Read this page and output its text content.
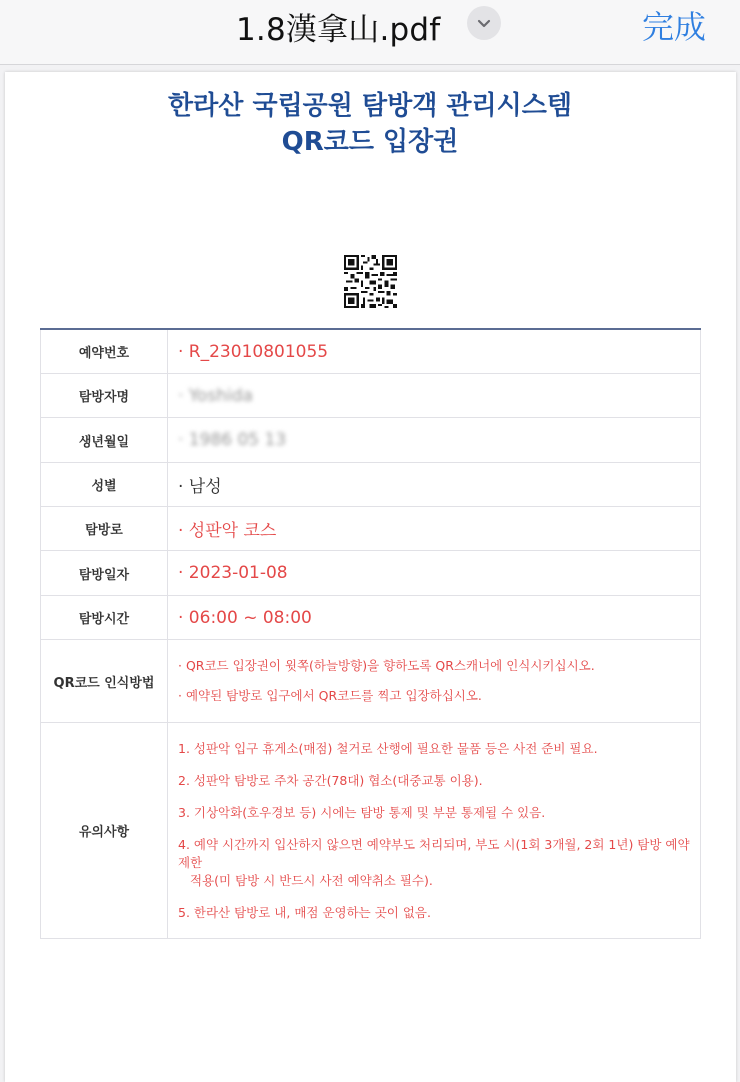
1.8漢拿山.pdf	完成
한라산 국립공원 탐방객 관리시스템
QR코드 입장권
예약번호	· R_23010801055
탐방자명	· Yoshida
생년월일	· 1986 05 13
성별	· 남성
탐방로	· 성판악 코스
탐방일자	· 2023-01-08
탐방시간	· 06:00 ~ 08:00
QR코드 인식방법
· QR코드 입장권이 윗쪽(하늘방향)을 향하도록 QR스캐너에 인식시키십시오.
· 예약된 탐방로 입구에서 QR코드를 찍고 입장하십시오.
유의사항
1. 성판악 입구 휴게소(매점) 철거로 산행에 필요한 물품 등은 사전 준비 필요.
2. 성판악 탐방로 주차 공간(78대) 협소(대중교통 이용).
3. 기상악화(호우경보 등) 시에는 탐방 통제 및 부분 통제될 수 있음.
4. 예약 시간까지 입산하지 않으면 예약부도 처리되며, 부도 시(1회 3개월, 2회 1년) 탐방 예약 제한
적용(미 탐방 시 반드시 사전 예약취소 필수).
5. 한라산 탐방로 내, 매점 운영하는 곳이 없음.
